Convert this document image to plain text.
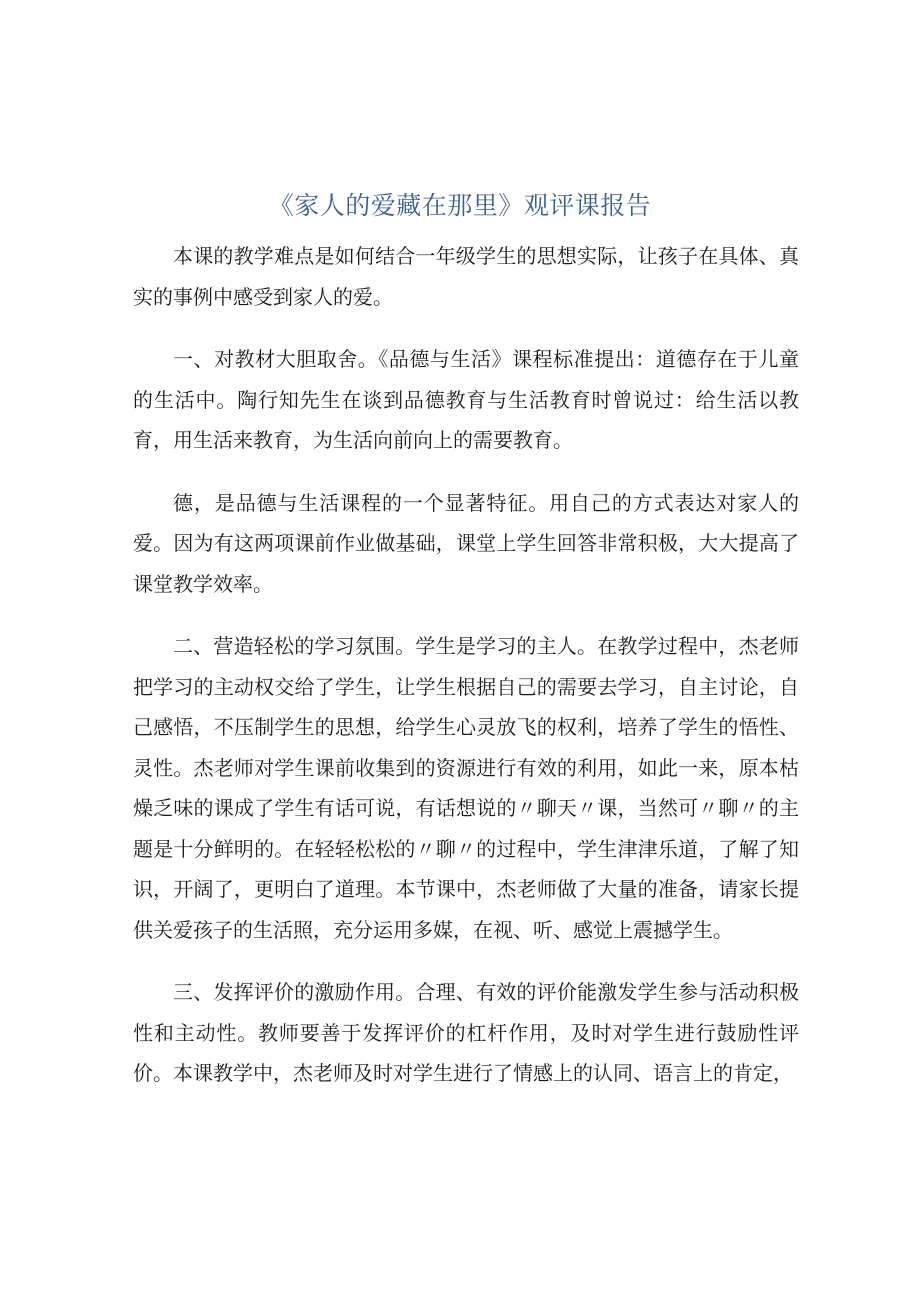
《家人的爱藏在那里》观评课报告

本课的教学难点是如何结合一年级学生的思想实际，让孩子在具体、真实的事例中感受到家人的爱。

一、对教材大胆取舍。《品德与生活》课程标准提出：道德存在于儿童的生活中。陶行知先生在谈到品德教育与生活教育时曾说过：给生活以教育，用生活来教育，为生活向前向上的需要教育。

德，是品德与生活课程的一个显著特征。用自己的方式表达对家人的爱。因为有这两项课前作业做基础，课堂上学生回答非常积极，大大提高了课堂教学效率。

二、营造轻松的学习氛围。学生是学习的主人。在教学过程中，杰老师把学习的主动权交给了学生，让学生根据自己的需要去学习，自主讨论，自己感悟，不压制学生的思想，给学生心灵放飞的权利，培养了学生的悟性、灵性。杰老师对学生课前收集到的资源进行有效的利用，如此一来，原本枯燥乏味的课成了学生有话可说，有话想说的〃聊天〃课，当然可〃聊〃的主题是十分鲜明的。在轻轻松松的〃聊〃的过程中，学生津津乐道，了解了知识，开阔了，更明白了道理。本节课中，杰老师做了大量的准备，请家长提供关爱孩子的生活照，充分运用多媒，在视、听、感觉上震撼学生。

三、发挥评价的激励作用。合理、有效的评价能激发学生参与活动积极性和主动性。教师要善于发挥评价的杠杆作用，及时对学生进行鼓励性评价。本课教学中，杰老师及时对学生进行了情感上的认同、语言上的肯定，
